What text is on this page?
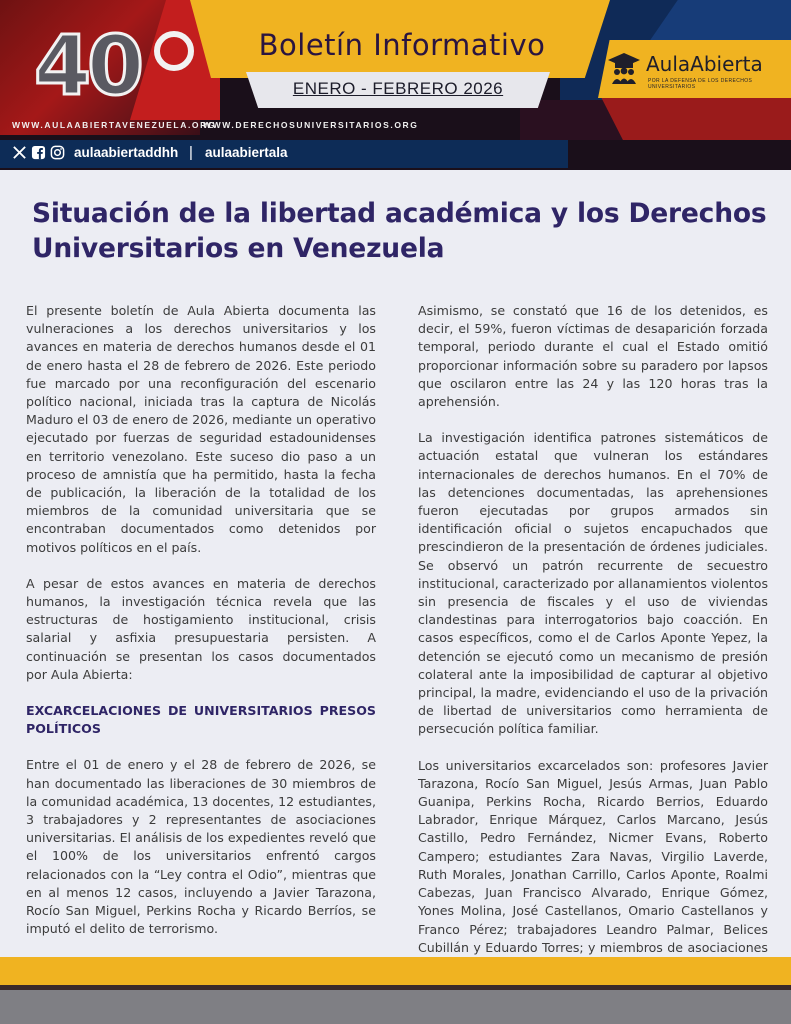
Boletín Informativo
ENERO - FEBRERO 2026
40	AulaAbierta
POR LA DEFENSA DE LOS DERECHOS UNIVERSITARIOS
WWW.AULAABIERTAVENEZUELA.ORG
WWW.DERECHOSUNIVERSITARIOS.ORG
aulaabiertaddhh | aulaabiertala
Situación de la libertad académica y los Derechos
Universitarios en Venezuela

El presente boletín de Aula Abierta documenta las vulneraciones a los derechos universitarios y los avances en materia de derechos humanos desde el 01 de enero hasta el 28 de febrero de 2026. Este periodo fue marcado por una reconfiguración del escenario político nacional, iniciada tras la captura de Nicolás Maduro el 03 de enero de 2026, mediante un operativo ejecutado por fuerzas de seguridad estadounidenses en territorio venezolano. Este suceso dio paso a un proceso de amnistía que ha permitido, hasta la fecha de publicación, la liberación de la totalidad de los miembros de la comunidad universitaria que se encontraban documentados como detenidos por motivos políticos en el país.

A pesar de estos avances en materia de derechos humanos, la investigación técnica revela que las estructuras de hostigamiento institucional, crisis salarial y asfixia presupuestaria persisten. A continuación se presentan los casos documentados por Aula Abierta:

EXCARCELACIONES DE UNIVERSITARIOS PRESOS POLÍTICOS

Entre el 01 de enero y el 28 de febrero de 2026, se han documentado las liberaciones de 30 miembros de la comunidad académica, 13 docentes, 12 estudiantes, 3 trabajadores y 2 representantes de asociaciones universitarias. El análisis de los expedientes reveló que el 100% de los universitarios enfrentó cargos relacionados con la “Ley contra el Odio”, mientras que en al menos 12 casos, incluyendo a Javier Tarazona, Rocío San Miguel, Perkins Rocha y Ricardo Berríos, se imputó el delito de terrorismo.

Asimismo, se constató que 16 de los detenidos, es decir, el 59%, fueron víctimas de desaparición forzada temporal, periodo durante el cual el Estado omitió proporcionar información sobre su paradero por lapsos que oscilaron entre las 24 y las 120 horas tras la aprehensión.

La investigación identifica patrones sistemáticos de actuación estatal que vulneran los estándares internacionales de derechos humanos. En el 70% de las detenciones documentadas, las aprehensiones fueron ejecutadas por grupos armados sin identificación oficial o sujetos encapuchados que prescindieron de la presentación de órdenes judiciales. Se observó un patrón recurrente de secuestro institucional, caracterizado por allanamientos violentos sin presencia de fiscales y el uso de viviendas clandestinas para interrogatorios bajo coacción. En casos específicos, como el de Carlos Aponte Yepez, la detención se ejecutó como un mecanismo de presión colateral ante la imposibilidad de capturar al objetivo principal, la madre, evidenciando el uso de la privación de libertad de universitarios como herramienta de persecución política familiar.

Los universitarios excarcelados son: profesores Javier Tarazona, Rocío San Miguel, Jesús Armas, Juan Pablo Guanipa, Perkins Rocha, Ricardo Berrios, Eduardo Labrador, Enrique Márquez, Carlos Marcano, Jesús Castillo, Pedro Fernández, Nicmer Evans, Roberto Campero; estudiantes Zara Navas, Virgilio Laverde, Ruth Morales, Jonathan Carrillo, Carlos Aponte, Roalmi Cabezas, Juan Francisco Alvarado, Enrique Gómez, Yones Molina, José Castellanos, Omario Castellanos y Franco Pérez; trabajadores Leandro Palmar, Belices Cubillán y Eduardo Torres; y miembros de asociaciones
